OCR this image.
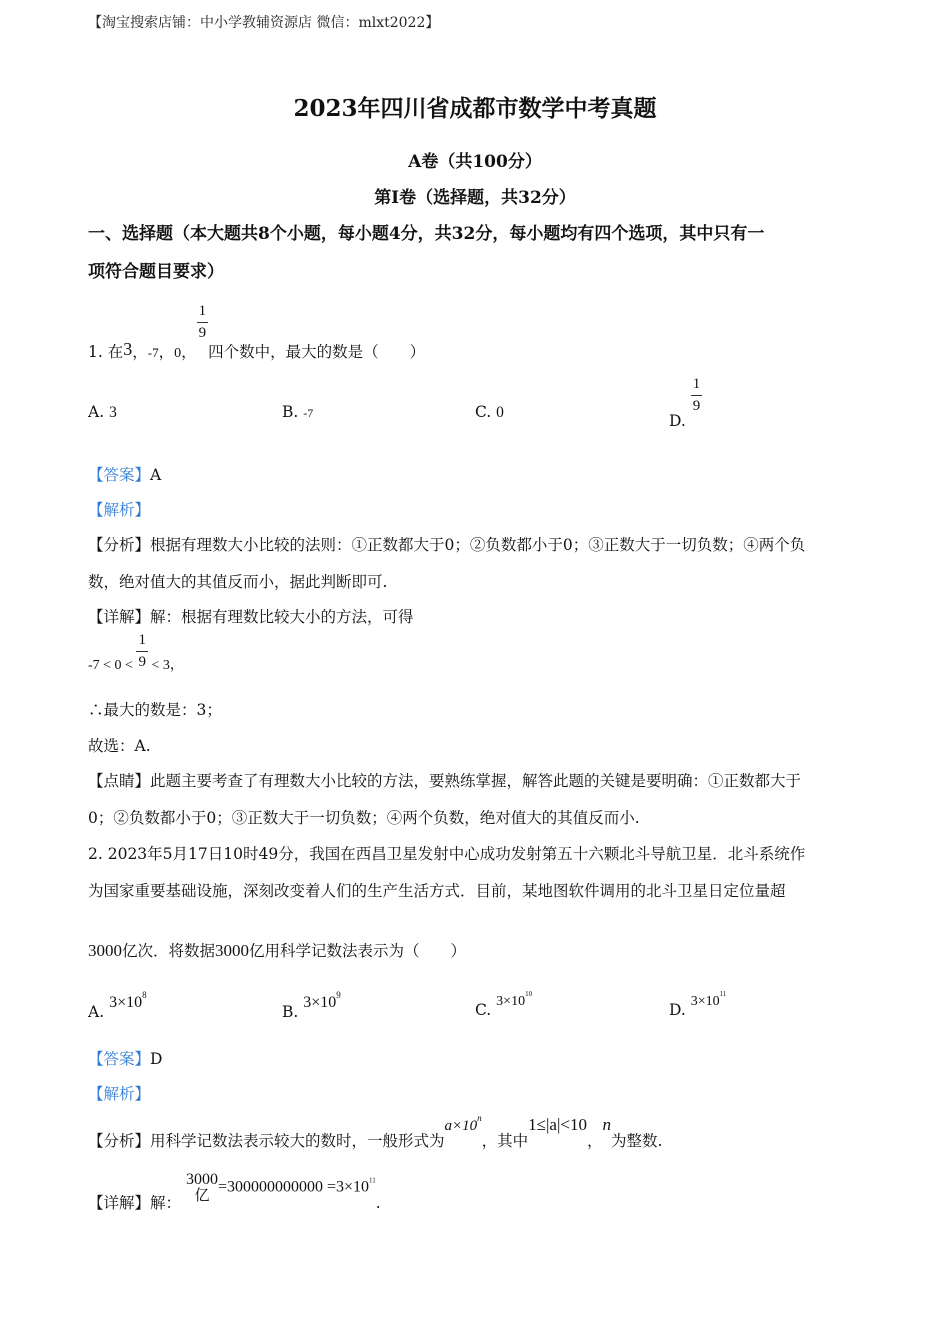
【淘宝搜索店铺：中小学教辅资源店 微信：mlxt2022】
2023年四川省成都市数学中考真题
A卷（共100分）
第I卷（选择题，共32分）
一、选择题（本大题共8个小题，每小题4分，共32分，每小题均有四个选项，其中只有一
项符合题目要求）
1. 在3，$_{-7}$，0，
$\frac{1}{9}$
四个数中，最大的数是（　　）
A. 3	B. -7	C. 0	D.
$\frac{1}{9}$
【答案】A
【解析】
【分析】根据有理数大小比较的法则：①正数都大于0；②负数都小于0；③正数大于一切负数；④两个负
数，绝对值大的其值反而小，据此判断即可.
【详解】解：根据有理数比较大小的方法，可得
$-7 < 0 < \frac{1}{9} < 3$，
∴最大的数是：3；
故选：A.
【点睛】此题主要考查了有理数大小比较的方法，要熟练掌握，解答此题的关键是要明确：①正数都大于
0；②负数都小于0；③正数大于一切负数；④两个负数，绝对值大的其值反而小.
2. 2023年5月17日10时49分，我国在西昌卫星发射中心成功发射第五十六颗北斗导航卫星．北斗系统作
为国家重要基础设施，深刻改变着人们的生产生活方式．目前，某地图软件调用的北斗卫星日定位量超
3000亿次．将数据3000亿用科学记数法表示为（　　）
A. $3\times 10^8$
B. $3\times 10^9$
C. $3\times 10^{10}$
D. $3\times 10^{11}$
【答案】D
【解析】
【分析】用科学记数法表示较大的数时，一般形式为$a\times 10^n$，其中1≤|a|<10，n为整数.
【详解】解：
3000
亿 $=300000000000 =3\times 10^{11}$.
